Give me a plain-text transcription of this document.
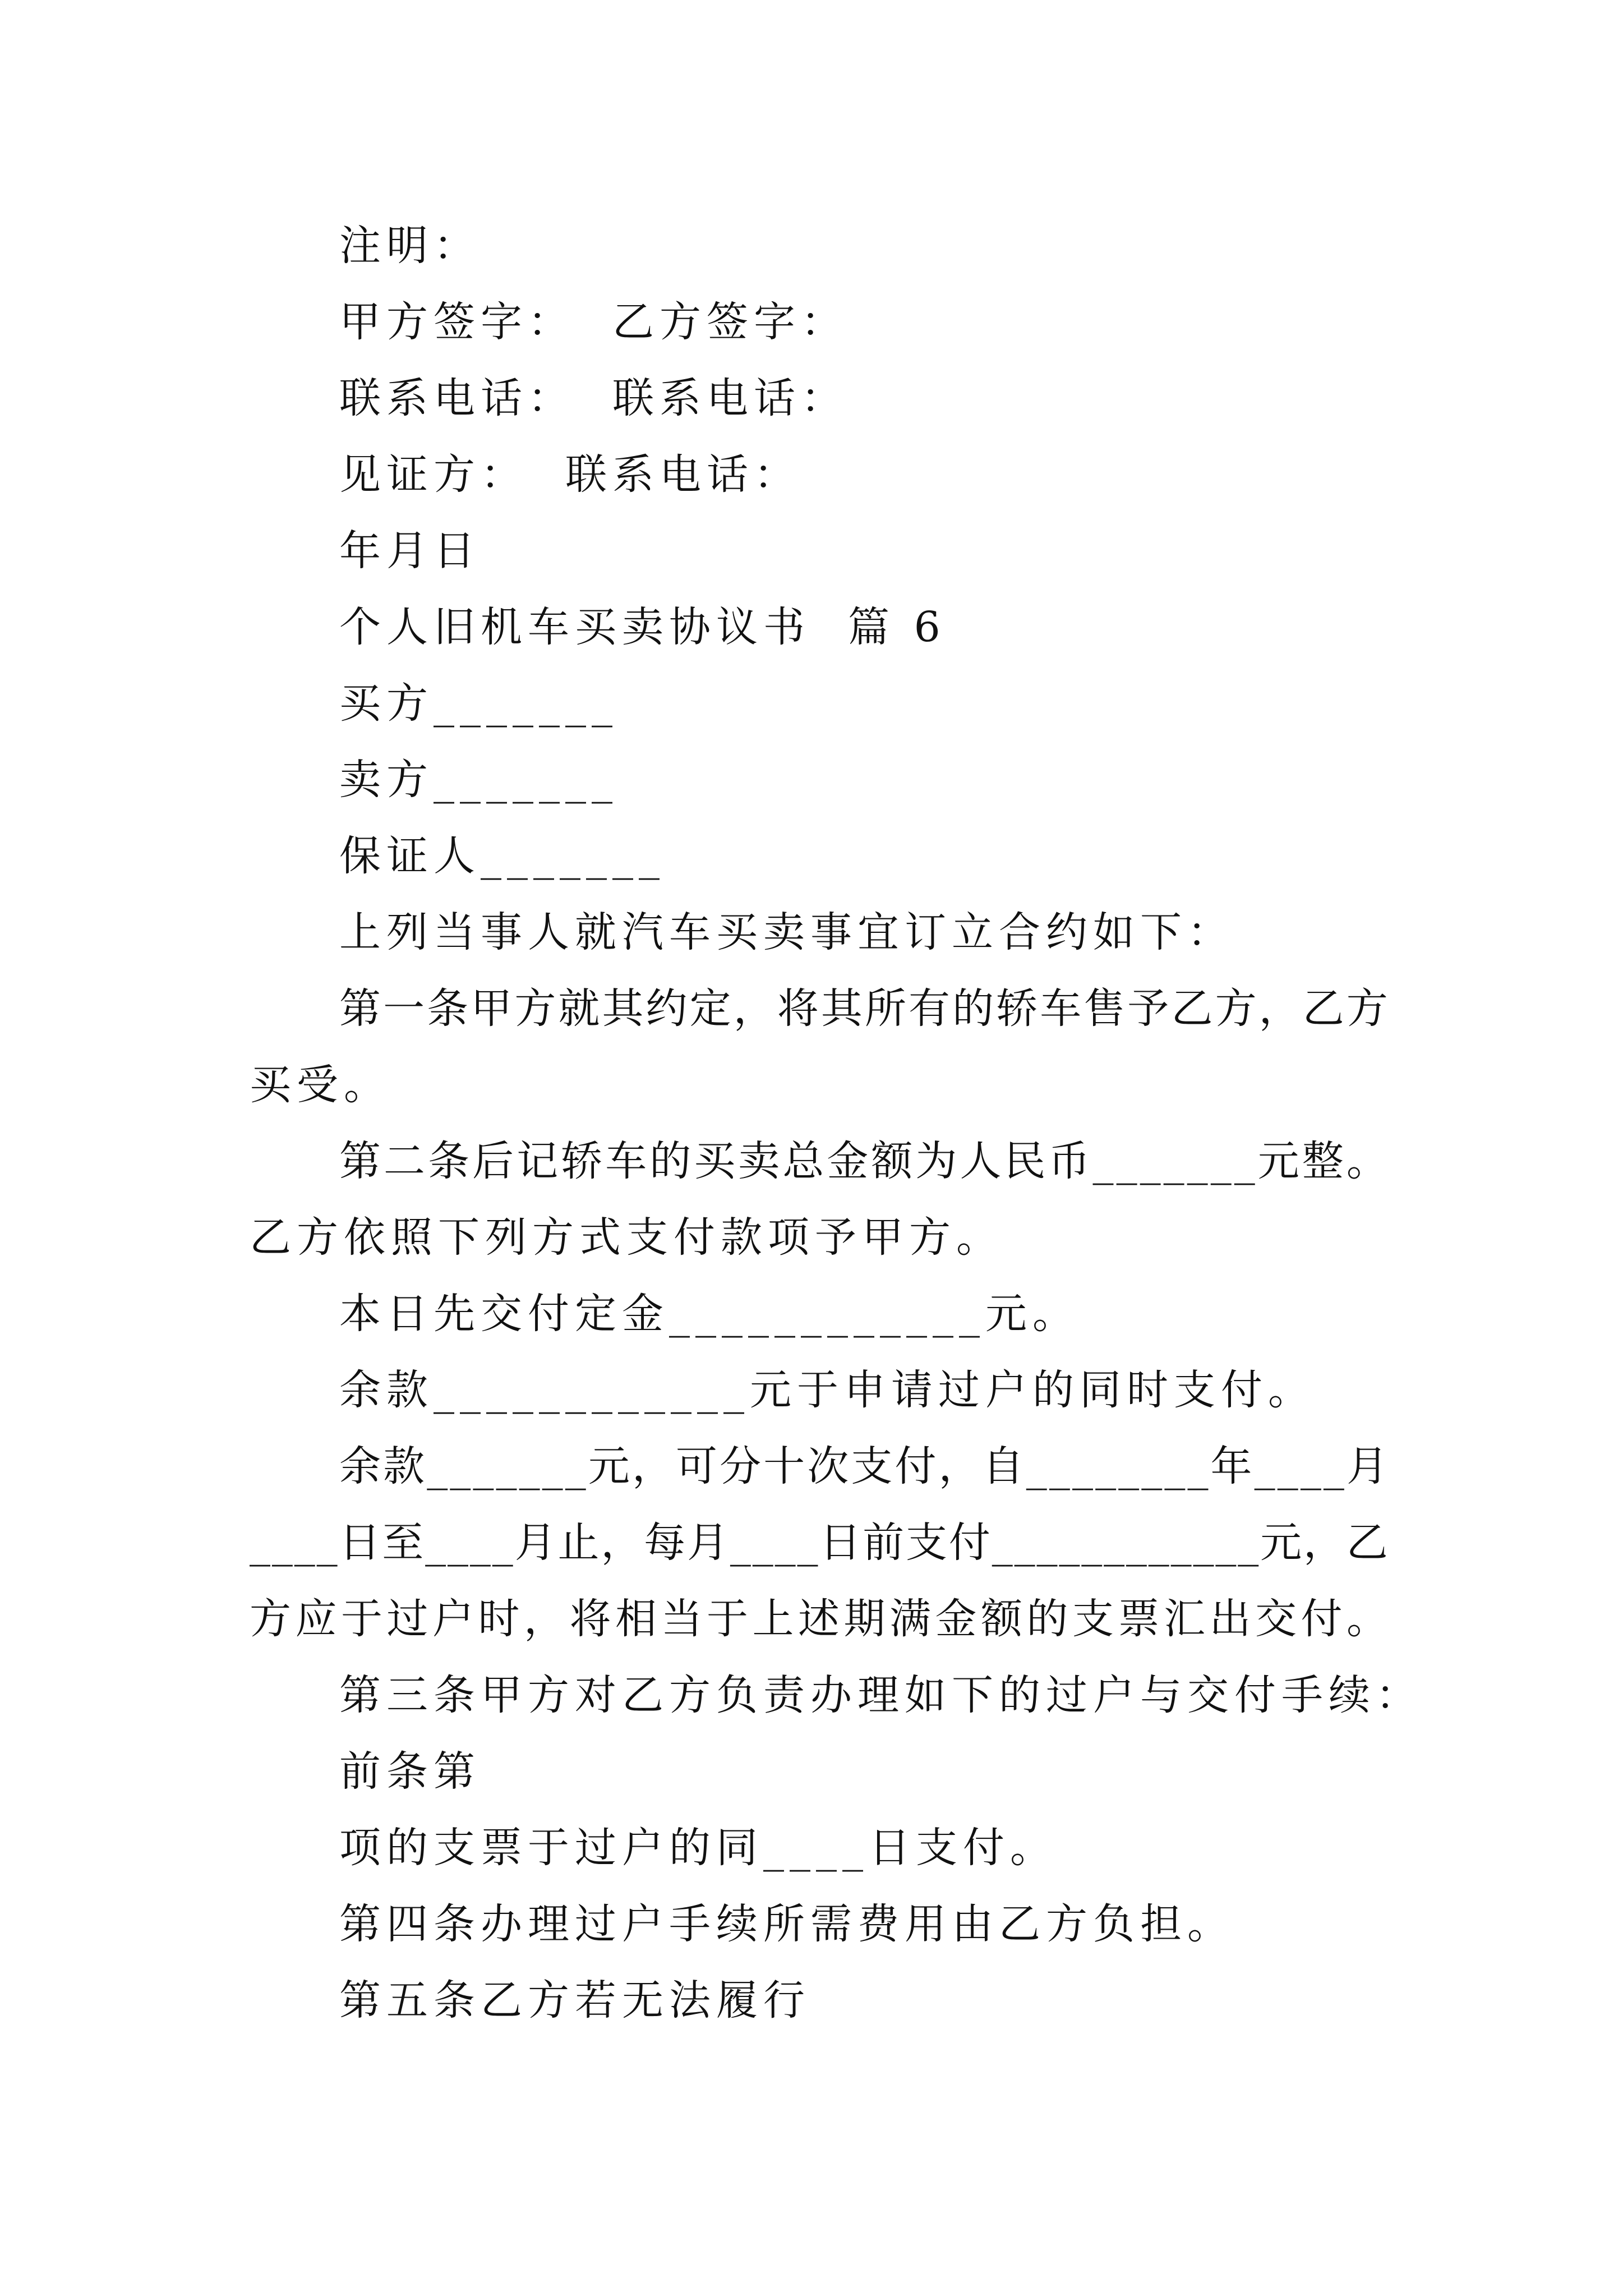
注明：

甲方签字：  乙方签字：

联系电话：  联系电话：

见证方：  联系电话：

年月日

个人旧机车买卖协议书  篇 6

买方_______

卖方_______

保证人_______

上列当事人就汽车买卖事宜订立合约如下：

第 一 条 甲 方 就 其 约 定 ， 将 其 所 有 的 轿 车 售 予 乙 方 ， 乙 方

买受。

第 二 条 后 记 轿 车 的 买 卖 总 金 额 为 人 民 币 _ _ _ _ _ _ _ 元 整 。

乙方依照下列方式支付款项予甲方。

本日先交付定金____________元。

余款____________元于申请过户的同时支付。

余 款 _ _ _ _ _ _ _ 元 ， 可 分 十 次 支 付 ， 自 _ _ _ _ _ _ _ _ 年 _ _ _ _ 月

_ _ _ _ 日 至 _ _ _ _ 月 止 ， 每 月 _ _ _ _ 日 前 支 付 _ _ _ _ _ _ _ _ _ _ _ _ 元 ， 乙

方 应 于 过 户 时 ， 将 相 当 于 上 述 期 满 金 额 的 支 票 汇 出 交 付 。

第三条甲方对乙方负责办理如下的过户与交付手续：

前条第

项的支票于过户的同____日支付。

第四条办理过户手续所需费用由乙方负担。

第五条乙方若无法履行
